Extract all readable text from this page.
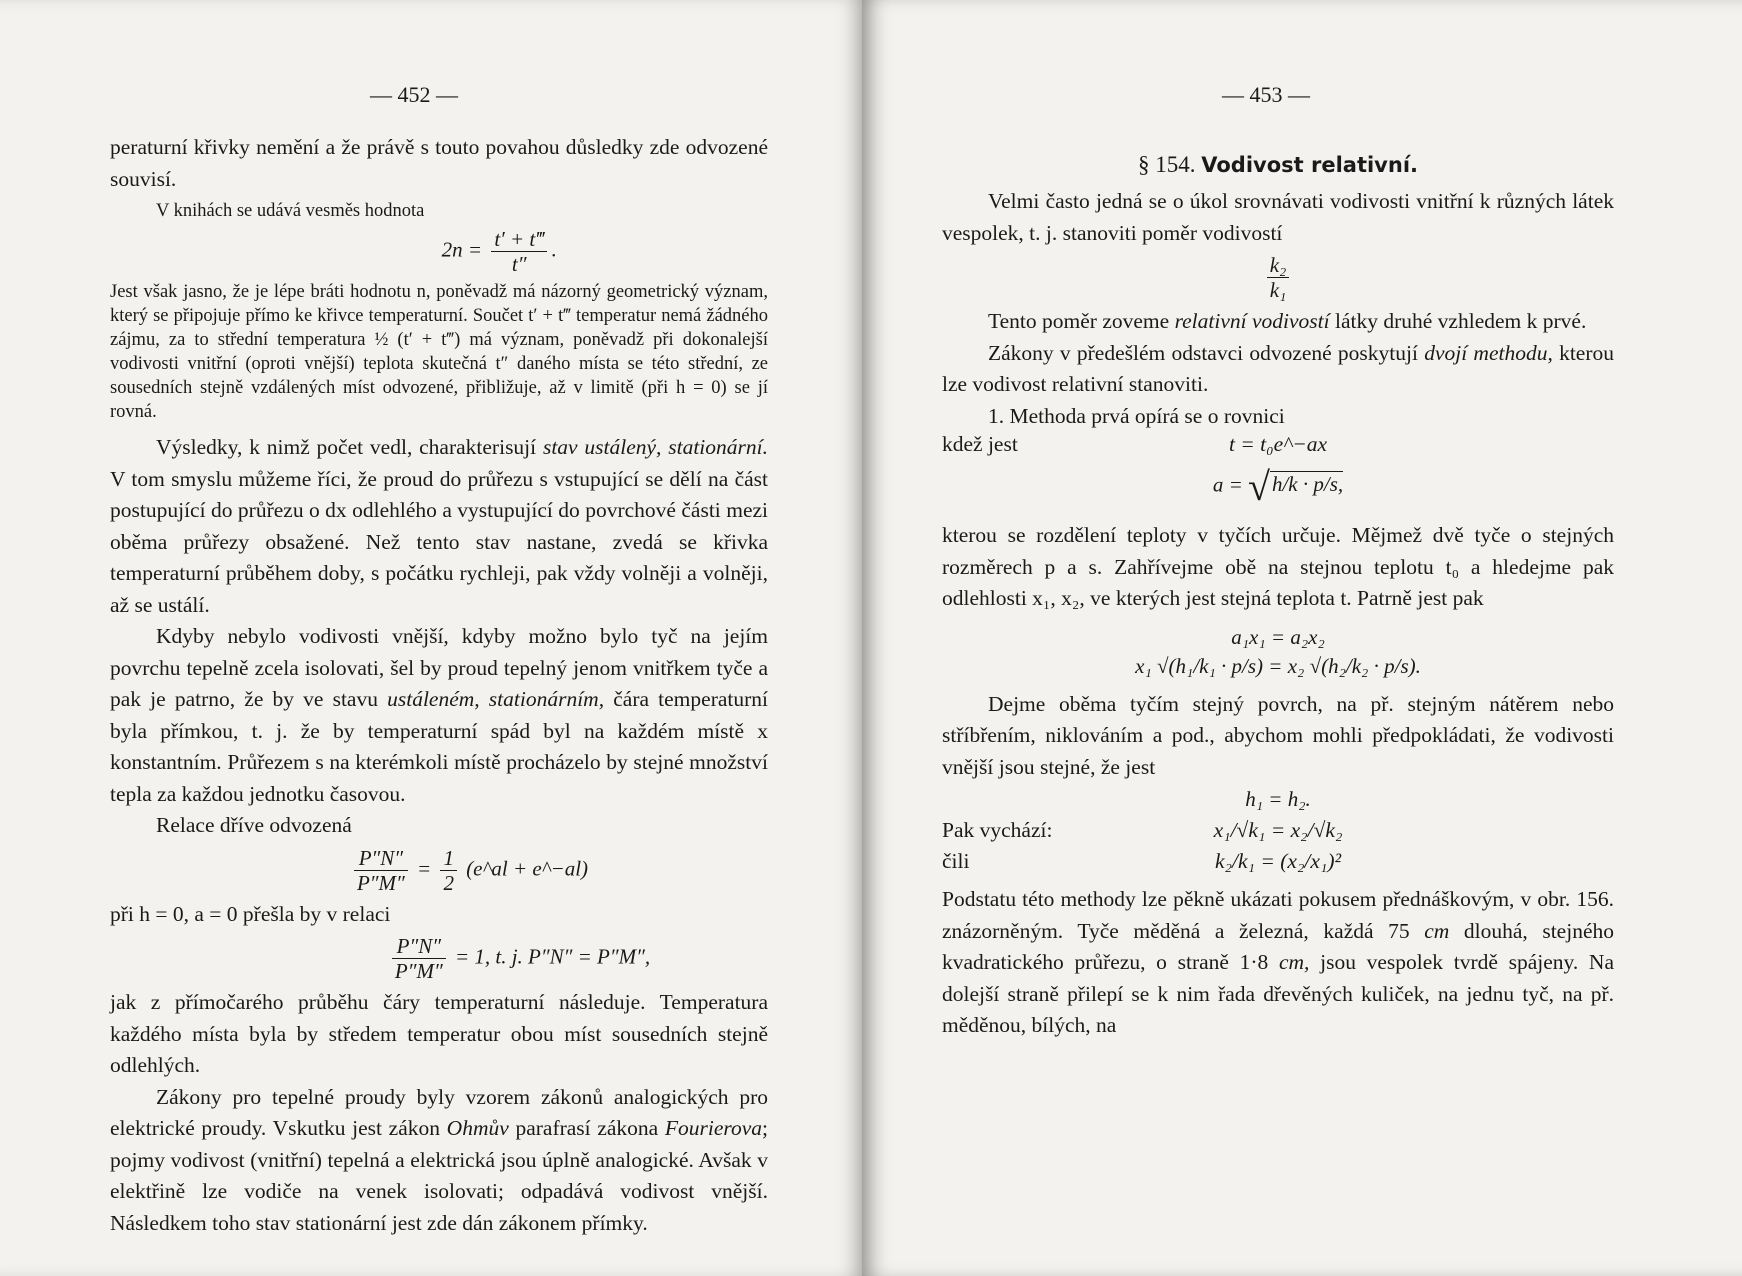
— 452 —

peraturní křivky nemění a že právě s touto povahou důsledky zde odvozené souvisí.

V knihách se udává vesměs hodnota

$2n = \frac{t' + t‴}{t''}$ .

Jest však jasno, že je lépe bráti hodnotu n, poněvadž má názorný geometrický význam, který se připojuje přímo ke křivce temperaturní. Součet t′ + t‴ temperatur nemá žádného zájmu, za to střední temperatura ½ (t′ + t‴) má význam, poněvadž při dokonalejší vodivosti vnitřní (oproti vnější) teplota skutečná t″ daného místa se této střední, ze sousedních stejně vzdálených míst odvozené, přibližuje, až v limitě (při h = 0) se jí rovná.

Výsledky, k nimž počet vedl, charakterisují stav ustálený, stationární. V tom smyslu můžeme říci, že proud do průřezu s vstupující se dělí na část postupující do průřezu o dx odlehlého a vystupující do povrchové části mezi oběma průřezy obsažené. Než tento stav nastane, zvedá se křivka temperaturní průběhem doby, s počátku rychleji, pak vždy volněji a volněji, až se ustálí.

Kdyby nebylo vodivosti vnější, kdyby možno bylo tyč na jejím povrchu tepelně zcela isolovati, šel by proud tepelný jenom vnitřkem tyče a pak je patrno, že by ve stavu ustáleném, stationárním, čára temperaturní byla přímkou, t. j. že by temperaturní spád byl na každém místě x konstantním. Průřezem s na kterémkoli místě procházelo by stejné množství tepla za každou jednotku časovou.

Relace dříve odvozená

$\frac{P''N''}{P''M''} = \frac{1}{2}$ (e^al + e^−al)

při h = 0, a = 0 přešla by v relaci

$\frac{P''N''}{P''M''} = 1$, t. j. P″N″ = P″M″,

jak z přímočarého průběhu čáry temperaturní následuje. Temperatura každého místa byla by středem temperatur obou míst sousedních stejně odlehlých.

Zákony pro tepelné proudy byly vzorem zákonů analogických pro elektrické proudy. Vskutku jest zákon Ohmův parafrasí zákona Fourierova; pojmy vodivost (vnitřní) tepelná a elektrická jsou úplně analogické. Avšak v elektřině lze vodiče na venek isolovati; odpadává vodivost vnější. Následkem toho stav stationární jest zde dán zákonem přímky.

— 453 —
§ 154. Vodivost relativní.

Velmi často jedná se o úkol srovnávati vodivosti vnitřní k různých látek vespolek, t. j. stanoviti poměr vodivostí

$\frac{\text{k₂}}{\text{k₁}}$

Tento poměr zoveme relativní vodivostí látky druhé vzhledem k prvé.

Zákony v předešlém odstavci odvozené poskytují dvojí methodu, kterou lze vodivost relativní stanoviti.

1. Methoda prvá opírá se o rovnici

kdež jest	t = t₀e^−ax
a = √h/k · p/s,

kterou se rozdělení teploty v tyčích určuje. Mějmež dvě tyče o stejných rozměrech p a s. Zahřívejme obě na stejnou teplotu t₀ a hledejme pak odlehlosti x₁, x₂, ve kterých jest stejná teplota t. Patrně jest pak

a₁x₁ = a₂x₂
x₁ √(h₁/k₁ · p/s) = x₂ √(h₂/k₂ · p/s).

Dejme oběma tyčím stejný povrch, na př. stejným nátěrem nebo stříbřením, niklováním a pod., abychom mohli předpokládati, že vodivosti vnější jsou stejné, že jest

h₁ = h₂.
Pak vychází:	x₁/√k₁ = x₂/√k₂
čili	k₂/k₁ = (x₂/x₁)²

Podstatu této methody lze pěkně ukázati pokusem přednáškovým, v obr. 156. znázorněným. Tyče měděná a železná, každá 75 cm dlouhá, stejného kvadratického průřezu, o straně 1·8 cm, jsou vespolek tvrdě spájeny. Na dolejší straně přilepí se k nim řada dřevěných kuliček, na jednu tyč, na př. měděnou, bílých, na
